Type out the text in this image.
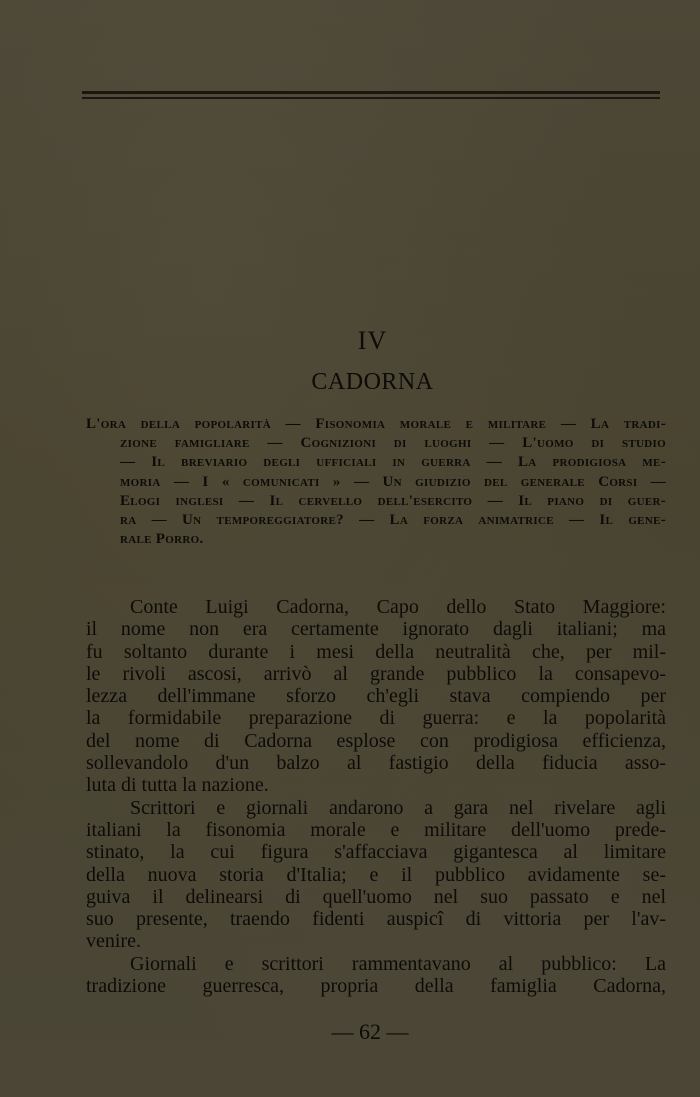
IV
CADORNA
L'ora della popolarità — Fisonomia morale e militare — La tradi-
zione famigliare — Cognizioni di luoghi — L'uomo di studio
— Il breviario degli ufficiali in guerra — La prodigiosa me-
moria — I « comunicati » — Un giudizio del generale Corsi —
Elogi inglesi — Il cervello dell'esercito — Il piano di guer-
ra — Un temporeggiatore? — La forza animatrice — Il gene-
rale Porro.
Conte Luigi Cadorna, Capo dello Stato Maggiore:
il nome non era certamente ignorato dagli italiani; ma
fu soltanto durante i mesi della neutralità che, per mil-
le rivoli ascosi, arrivò al grande pubblico la consapevo-
lezza dell'immane sforzo ch'egli stava compiendo per
la formidabile preparazione di guerra: e la popolarità
del nome di Cadorna esplose con prodigiosa efficienza,
sollevandolo d'un balzo al fastigio della fiducia asso-
luta di tutta la nazione.
Scrittori e giornali andarono a gara nel rivelare agli
italiani la fisonomia morale e militare dell'uomo prede-
stinato, la cui figura s'affacciava gigantesca al limitare
della nuova storia d'Italia; e il pubblico avidamente se-
guiva il delinearsi di quell'uomo nel suo passato e nel
suo presente, traendo fidenti auspicî di vittoria per l'av-
venire.
Giornali e scrittori rammentavano al pubblico: La
tradizione guerresca, propria della famiglia Cadorna,
— 62 —
